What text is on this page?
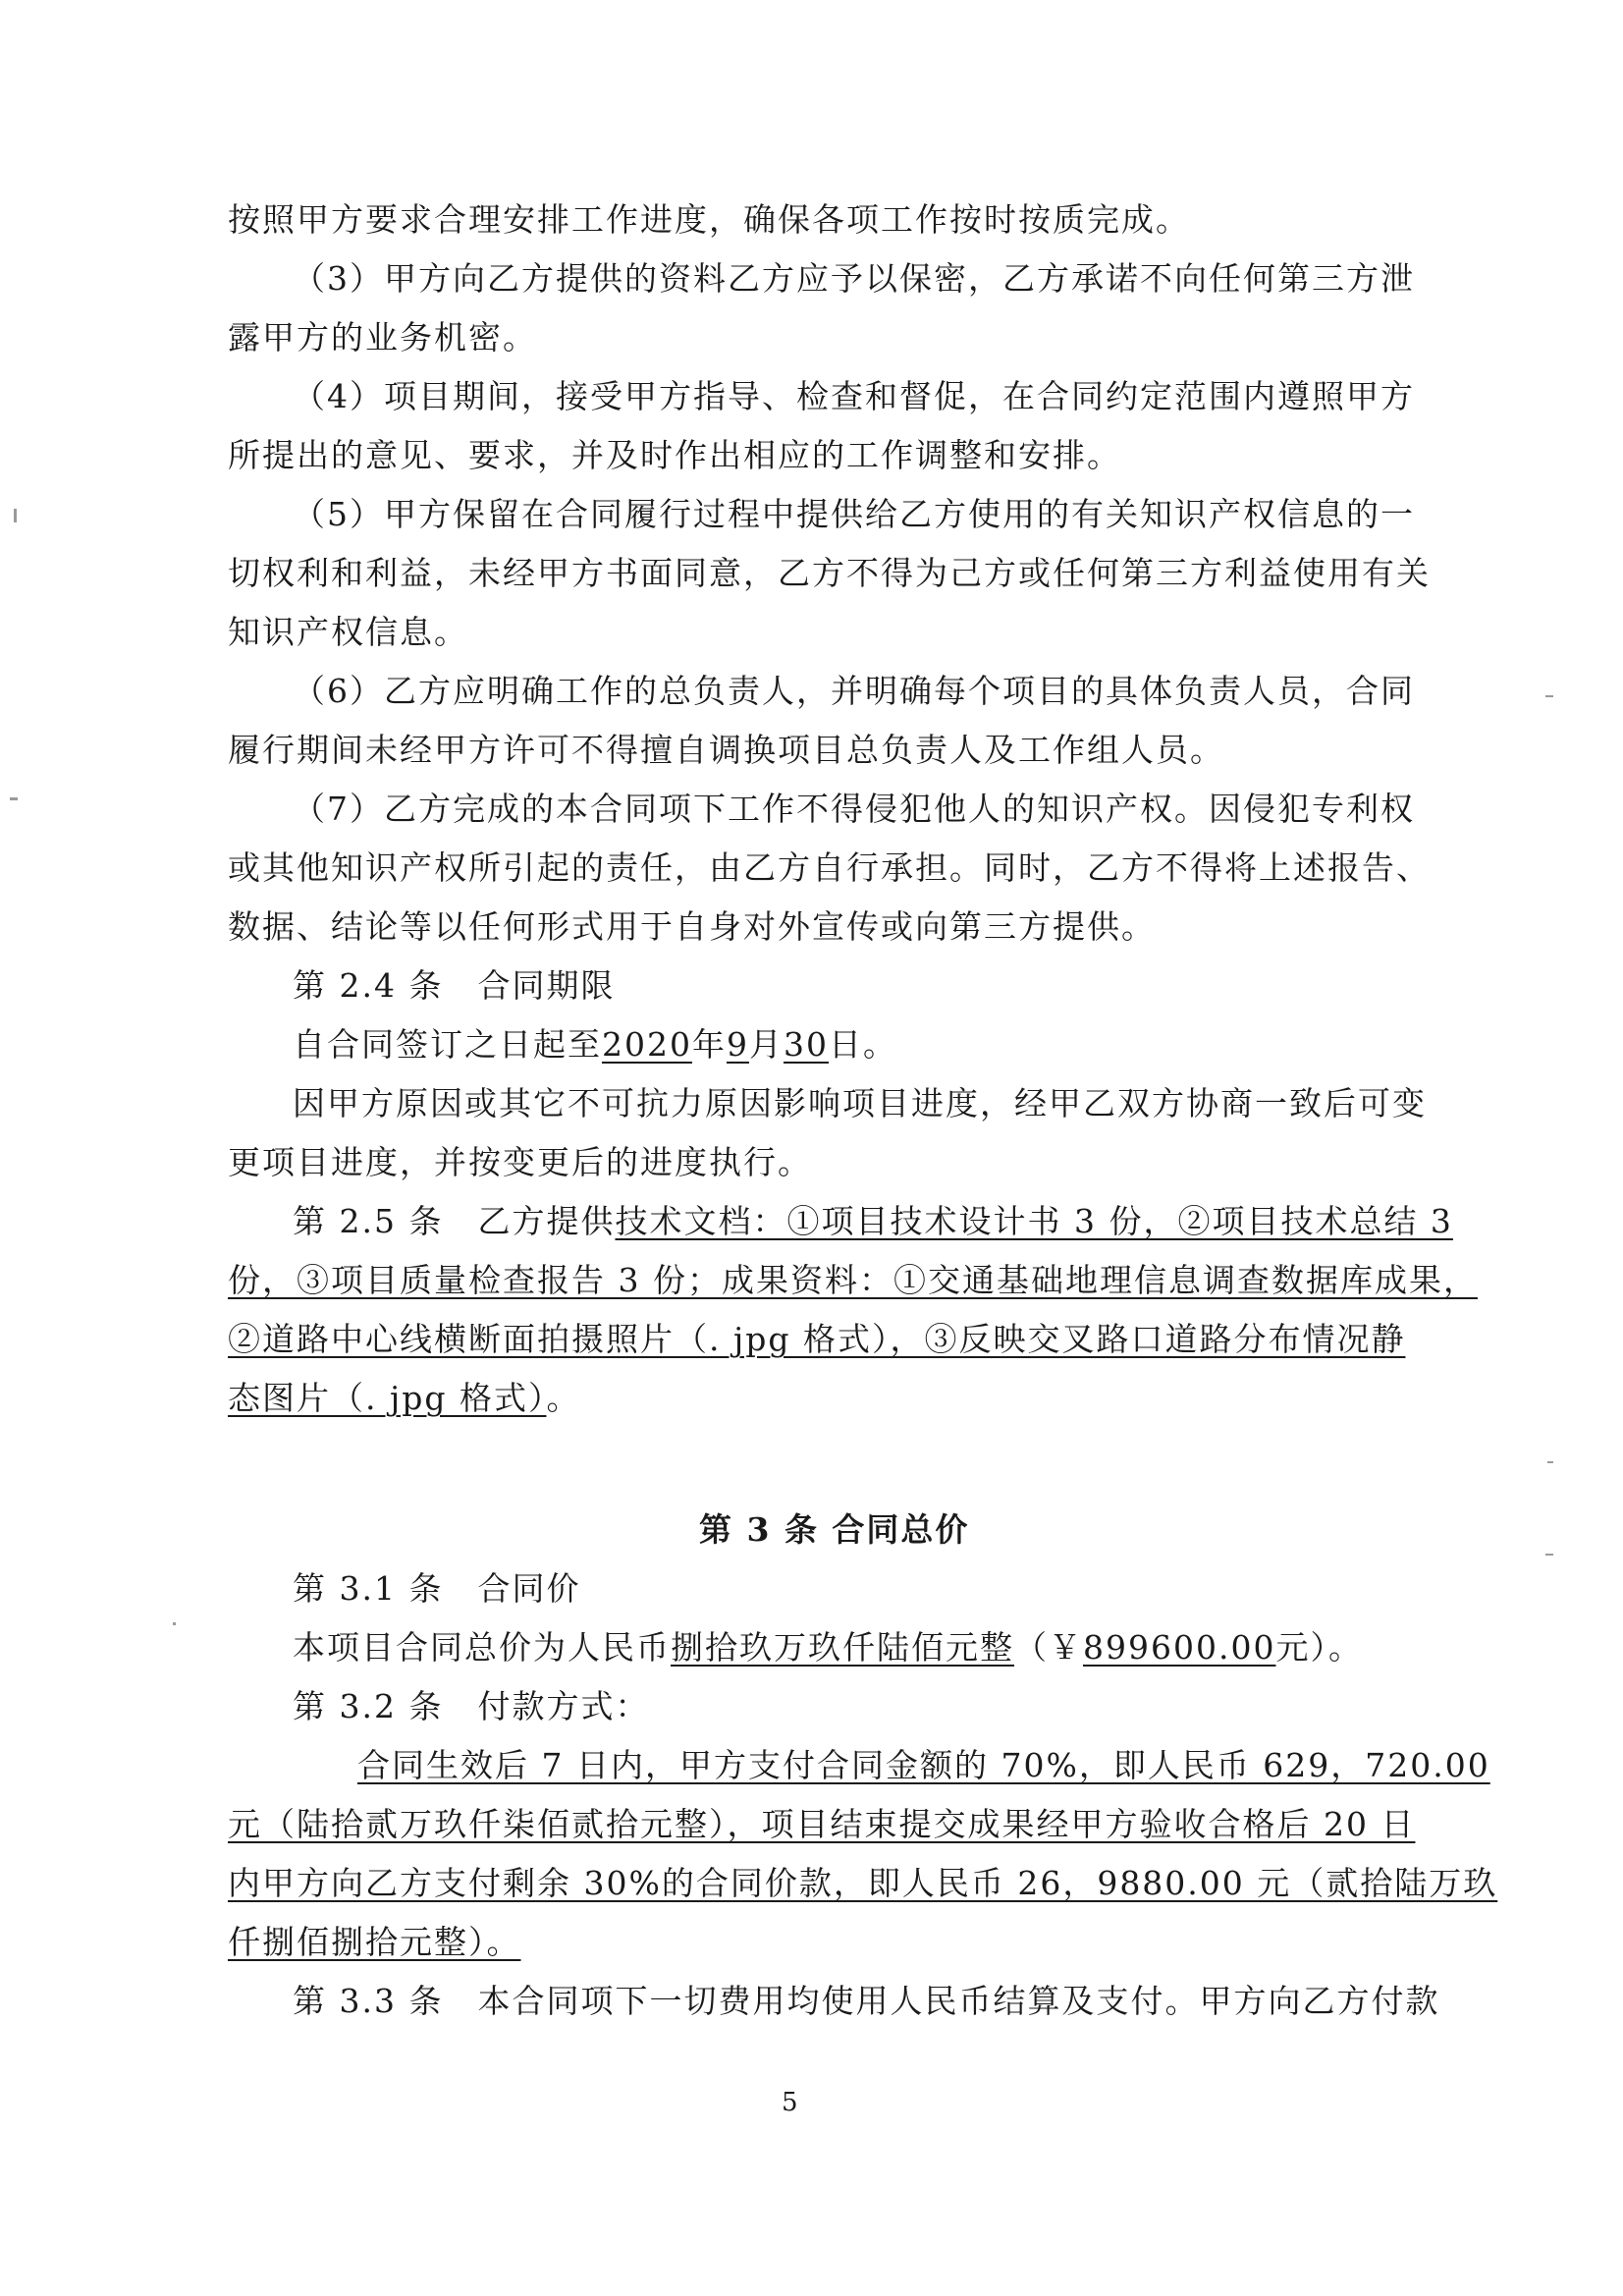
按照甲方要求合理安排工作进度，确保各项工作按时按质完成。
（3）甲方向乙方提供的资料乙方应予以保密，乙方承诺不向任何第三方泄
露甲方的业务机密。
（4）项目期间，接受甲方指导、检查和督促，在合同约定范围内遵照甲方
所提出的意见、要求，并及时作出相应的工作调整和安排。
（5）甲方保留在合同履行过程中提供给乙方使用的有关知识产权信息的一
切权利和利益，未经甲方书面同意，乙方不得为己方或任何第三方利益使用有关
知识产权信息。
（6）乙方应明确工作的总负责人，并明确每个项目的具体负责人员，合同
履行期间未经甲方许可不得擅自调换项目总负责人及工作组人员。
（7）乙方完成的本合同项下工作不得侵犯他人的知识产权。因侵犯专利权
或其他知识产权所引起的责任，由乙方自行承担。同时，乙方不得将上述报告、
数据、结论等以任何形式用于自身对外宣传或向第三方提供。
第 2.4 条　合同期限
自合同签订之日起至2020年9月30日。
因甲方原因或其它不可抗力原因影响项目进度，经甲乙双方协商一致后可变
更项目进度，并按变更后的进度执行。
第 2.5 条　乙方提供技术文档：①项目技术设计书 3 份，②项目技术总结 3
份，③项目质量检查报告 3 份；成果资料：①交通基础地理信息调查数据库成果，
②道路中心线横断面拍摄照片（. jpg 格式），③反映交叉路口道路分布情况静
态图片（. jpg 格式）。
第 3 条 合同总价
第 3.1 条　合同价
本项目合同总价为人民币捌拾玖万玖仟陆佰元整（￥899600.00元）。
第 3.2 条　付款方式：
合同生效后 7 日内，甲方支付合同金额的 70%，即人民币 629，720.00
元（陆拾贰万玖仟柒佰贰拾元整），项目结束提交成果经甲方验收合格后 20 日
内甲方向乙方支付剩余 30%的合同价款，即人民币 26，9880.00 元（贰拾陆万玖
仟捌佰捌拾元整）。
第 3.3 条　本合同项下一切费用均使用人民币结算及支付。甲方向乙方付款
5
